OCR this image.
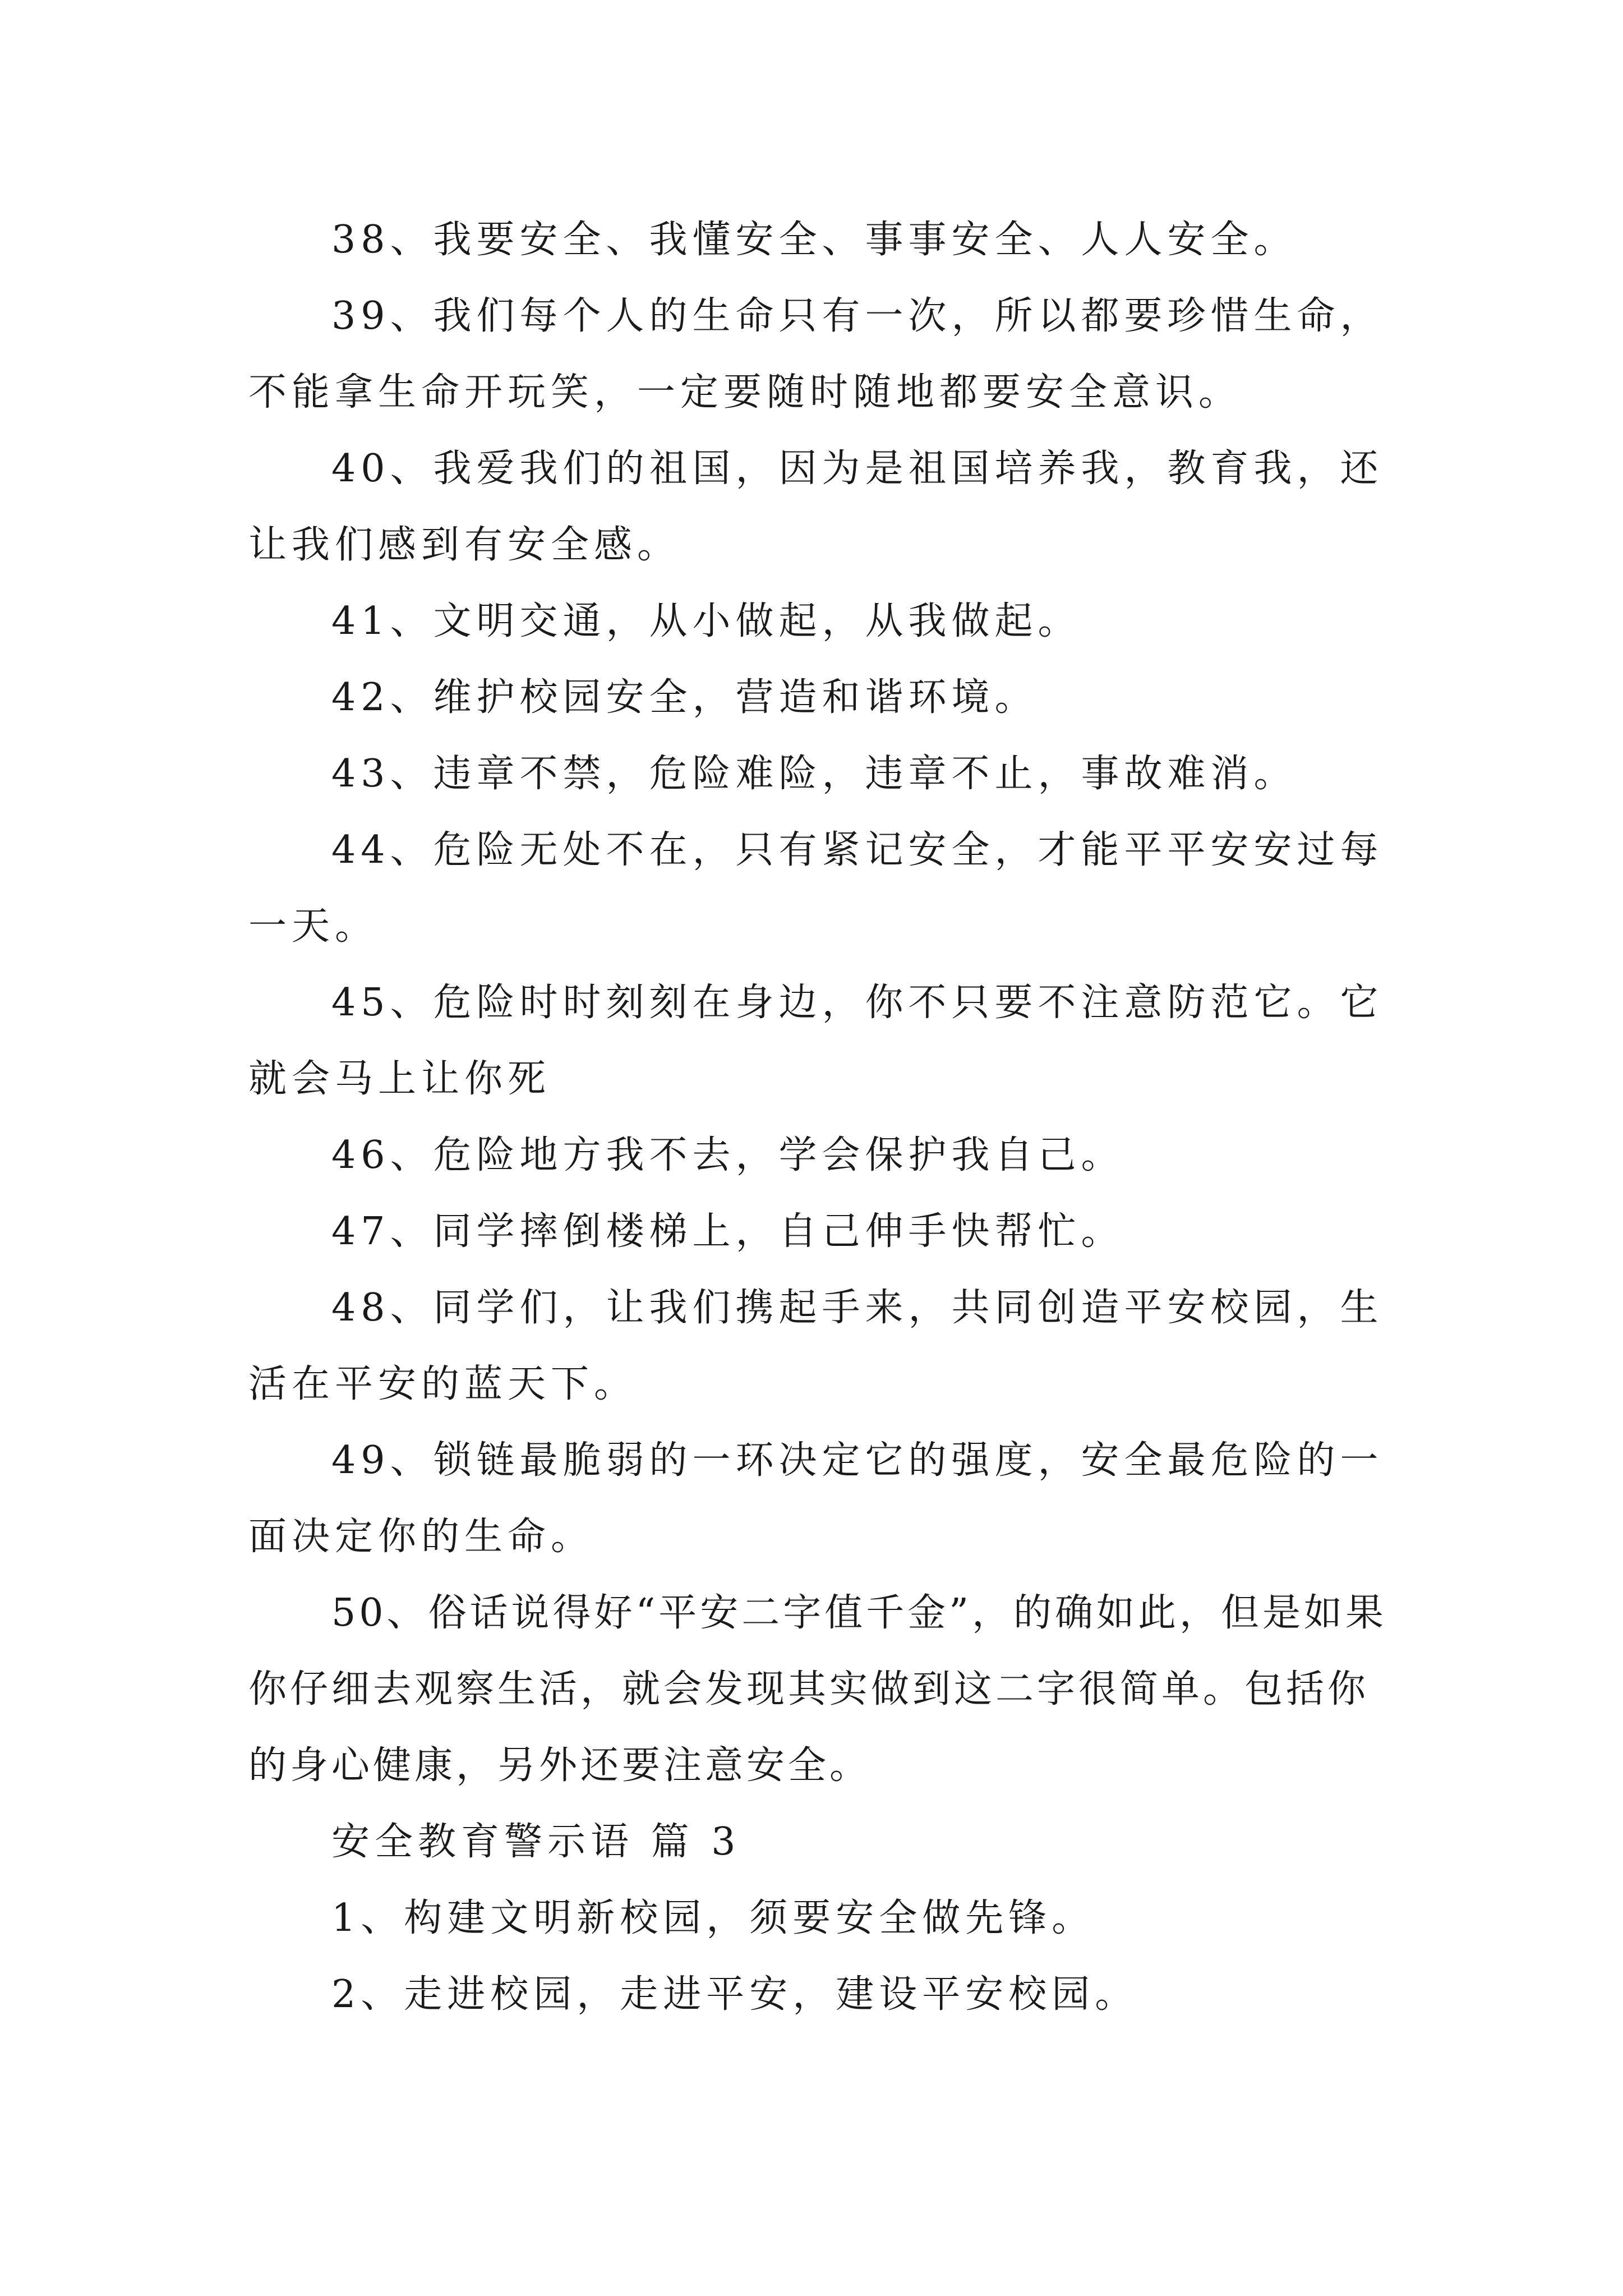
38、我要安全、我懂安全、事事安全、人人安全。

39、我们每个人的生命只有一次，所以都要珍惜生命，不能拿生命开玩笑，一定要随时随地都要安全意识。

40、我爱我们的祖国，因为是祖国培养我，教育我，还让我们感到有安全感。

41、文明交通，从小做起，从我做起。

42、维护校园安全，营造和谐环境。

43、违章不禁，危险难险，违章不止，事故难消。

44、危险无处不在，只有紧记安全，才能平平安安过每一天。

45、危险时时刻刻在身边，你不只要不注意防范它。它就会马上让你死

46、危险地方我不去，学会保护我自己。

47、同学摔倒楼梯上，自己伸手快帮忙。

48、同学们，让我们携起手来，共同创造平安校园，生活在平安的蓝天下。

49、锁链最脆弱的一环决定它的强度，安全最危险的一面决定你的生命。

50、俗话说得好“平安二字值千金”，的确如此，但是如果你仔细去观察生活，就会发现其实做到这二字很简单。包括你的身心健康，另外还要注意安全。

安全教育警示语 篇 3

1、构建文明新校园，须要安全做先锋。

2、走进校园，走进平安，建设平安校园。
